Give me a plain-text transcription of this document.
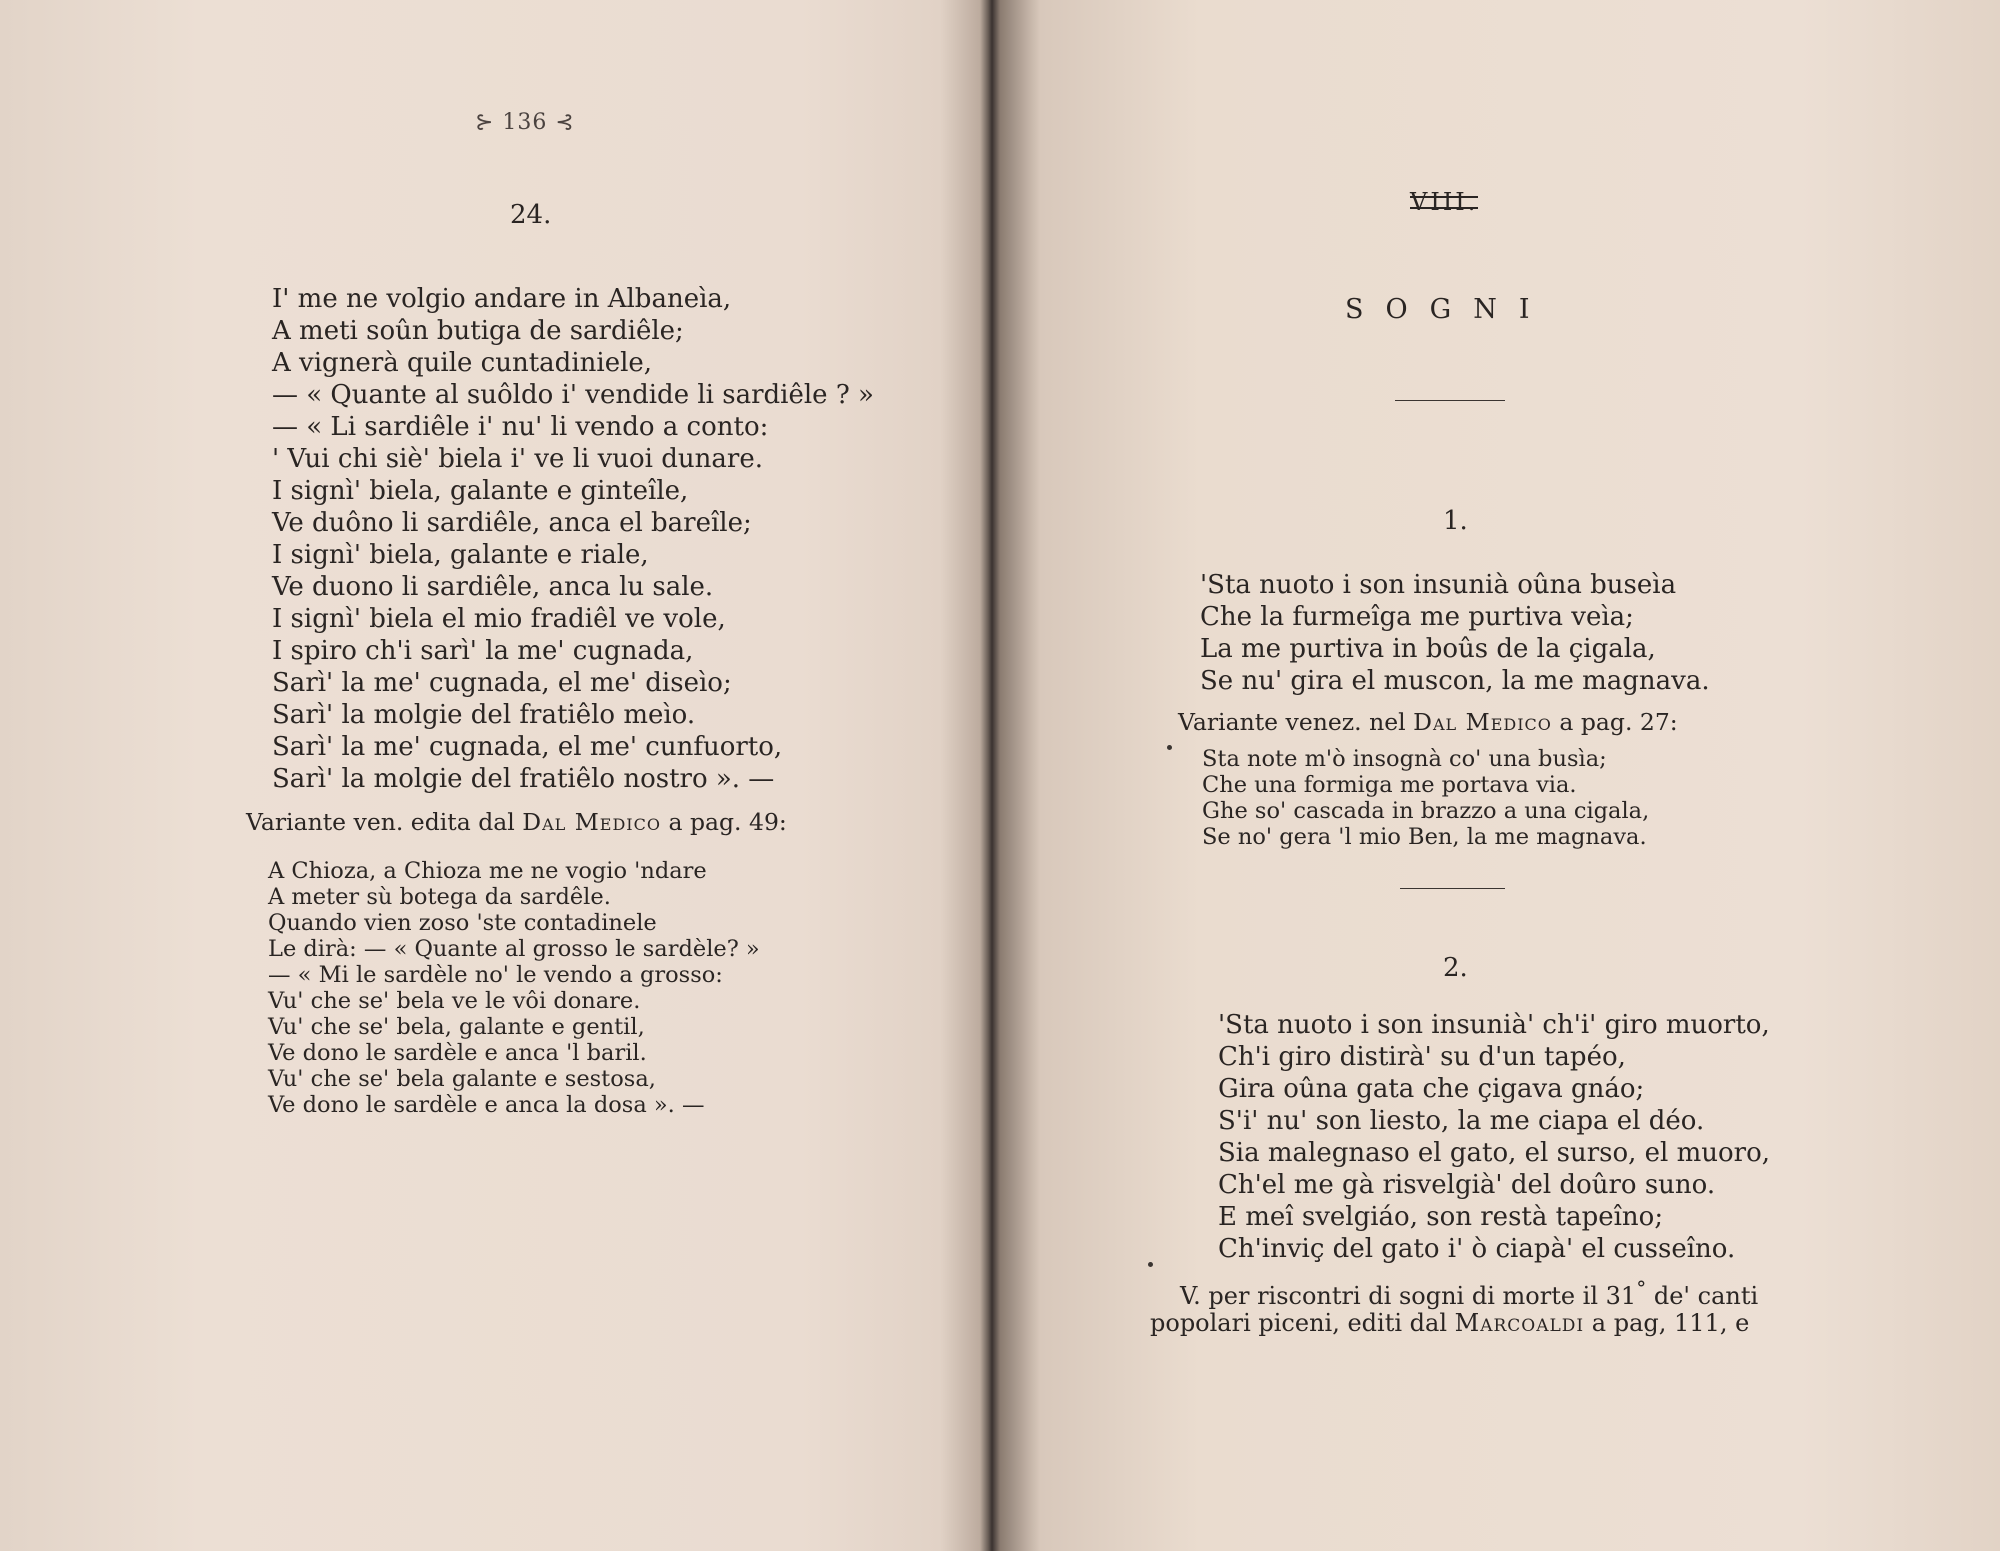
⊱ 136 ⊰
24.
I' me ne volgio andare in Albaneìa,
A meti soûn butiga de sardiêle;
A vignerà quile cuntadiniele,
— « Quante al suôldo i' vendide li sardiêle ? »
— « Li sardiêle i' nu' li vendo a conto:
' Vui chi siè' biela i' ve li vuoi dunare.
I signì' biela, galante e ginteîle,
Ve duôno li sardiêle, anca el bareîle;
I signì' biela, galante e riale,
Ve duono li sardiêle, anca lu sale.
I signì' biela el mio fradiêl ve vole,
I spiro ch'i sarì' la me' cugnada,
Sarì' la me' cugnada, el me' diseìo;
Sarì' la molgie del fratiêlo meìo.
Sarì' la me' cugnada, el me' cunfuorto,
Sarì' la molgie del fratiêlo nostro ». —
Variante ven. edita dal Dal Medico a pag. 49:
A Chioza, a Chioza me ne vogio 'ndare
A meter sù botega da sardêle.
Quando vien zoso 'ste contadinele
Le dirà: — « Quante al grosso le sardèle? »
— « Mi le sardèle no' le vendo a grosso:
Vu' che se' bela ve le vôi donare.
Vu' che se' bela, galante e gentil,
Ve dono le sardèle e anca 'l baril.
Vu' che se' bela galante e sestosa,
Ve dono le sardèle e anca la dosa ». —
VIII.
SOGNI
1.
'Sta nuoto i son insunià oûna buseìa
Che la furmeîga me purtiva veìa;
La me purtiva in boûs de la çigala,
Se nu' gira el muscon, la me magnava.
Variante venez. nel Dal Medico a pag. 27:
Sta note m'ò insognà co' una busìa;
Che una formiga me portava via.
Ghe so' cascada in brazzo a una cigala,
Se no' gera 'l mio Ben, la me magnava.
2.
'Sta nuoto i son insunià' ch'i' giro muorto,
Ch'i giro distirà' su d'un tapéo,
Gira oûna gata che çigava gnáo;
S'i' nu' son liesto, la me ciapa el déo.
Sia malegnaso el gato, el surso, el muoro,
Ch'el me gà risvelgià' del doûro suno.
E meî svelgiáo, son restà tapeîno;
Ch'inviç del gato i' ò ciapà' el cusseîno.
V. per riscontri di sogni di morte il 31° de' canti
popolari piceni, editi dal Marcoaldi a pag, 111, e
